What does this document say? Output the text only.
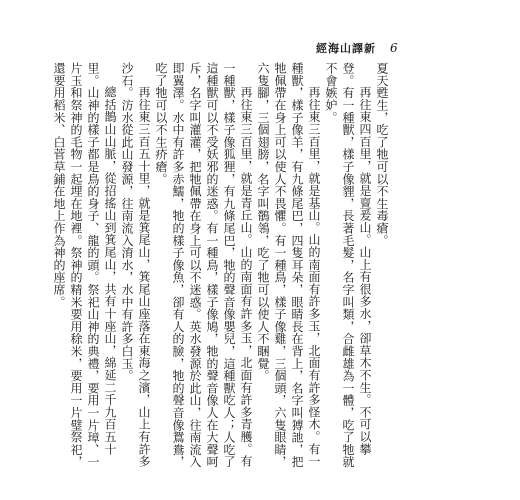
經海山譯新 6

夏天甦生，吃了牠可以不生毒瘡。

再往東四百里，就是亶爰山。山上有很多水，卻草木不生。不可以攀登。有一種獸，樣子像貍，長著毛髮，名字叫類，合雌雄為一體，吃了牠就不會嫉妒。

再往東三百里，就是基山。山的南面有許多玉，北面有許多怪木。有一種獸，樣子像羊，有九條尾巴，四隻耳朵，眼睛長在背上，名字叫猼訑，把牠佩帶在身上可以使人不畏懼。有一種鳥，樣子像雞，三個頭，六隻眼睛，六隻腳，三個翅膀，名字叫鶺鴒，吃了牠可以使人不睏覺。

再往東三百里，就是青丘山。山的南面有許多玉，北面有許多青雘。有一種獸，樣子像狐狸，有九條尾巴，牠的聲音像嬰兒，這種獸吃人；人吃了這種獸可以不受妖邪的迷惑。有一種鳥，樣子像鳩，牠的聲音像人在大聲呵斥，名字叫灌灌，把牠佩帶在身上可以不迷惑。英水發源於此山，往南流入即翼澤。水中有許多赤鱬，牠的樣子像魚，卻有人的臉，牠的聲音像鴛鴦，吃了牠可以不生疥瘡。

再往東三百五十里，就是箕尾山，箕尾山座落在東海之濱，山上有許多沙石。汸水從此山發源，往南流入淯水，水中有許多白玉。

總括鵲山山脈，從招搖山到箕尾山，共有十座山，綿延二千九百五十里。山神的樣子都是鳥的身子、龍的頭。祭祀山神的典禮，要用一片璋、一片玉和祭神的毛物一起埋在地裡。祭神的精米要用稌米，要用一片璧祭祀，還要用稻米、白菅草鋪在地上作為神的座席。
